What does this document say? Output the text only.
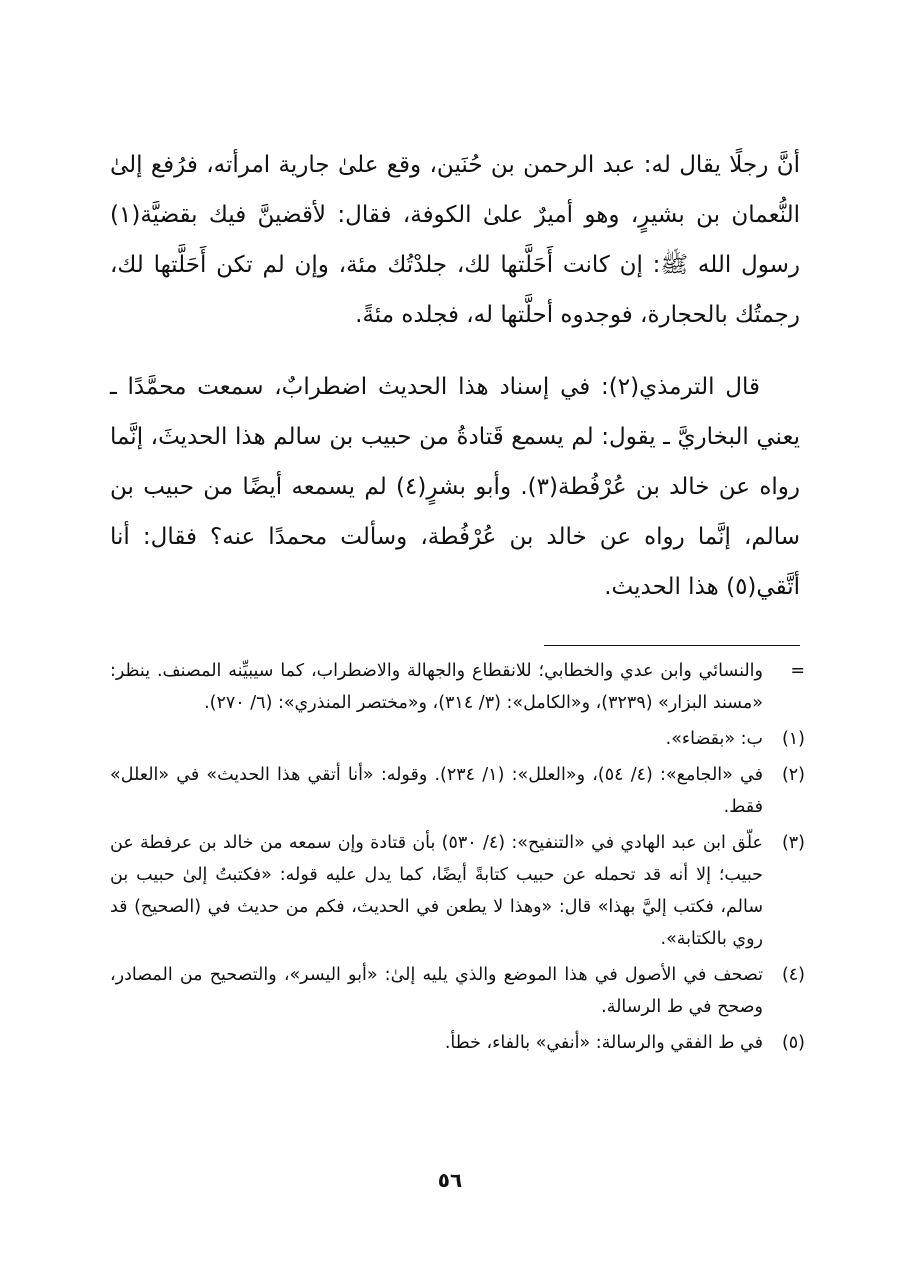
أنَّ رجلًا يقال له: عبد الرحمن بن حُنَين، وقع علىٰ جارية امرأته، فرُفع إلىٰ النُّعمان بن بشيرٍ، وهو أميرٌ علىٰ الكوفة، فقال: لأقضينَّ فيك بقضيَّة(١) رسول الله ﷺ: إن كانت أَحَلَّتها لك، جلدْتُك مئة، وإن لم تكن أَحَلَّتها لك، رجمتُك بالحجارة، فوجدوه أحلَّتها له، فجلده مئةً.

قال الترمذي(٢): في إسناد هذا الحديث اضطرابٌ، سمعت محمَّدًا ـ يعني البخاريَّ ـ يقول: لم يسمع قَتادةُ من حبيب بن سالم هذا الحديثَ، إنَّما رواه عن خالد بن عُرْفُطة(٣). وأبو بشرٍ(٤) لم يسمعه أيضًا من حبيب بن سالم، إنَّما رواه عن خالد بن عُرْفُطة، وسألت محمدًا عنه؟ فقال: أنا أتَّقي(٥) هذا الحديث.

=
والنسائي وابن عدي والخطابي؛ للانقطاع والجهالة والاضطراب، كما سيبيِّنه المصنف. ينظر: «مسند البزار» (٣٢٣٩)، و«الكامل»: (٣/ ٣١٤)، و«مختصر المنذري»: (٦/ ٢٧٠).
(١)
ب: «بقضاء».
(٢)
في «الجامع»: (٤/ ٥٤)، و«العلل»: (١/ ٢٣٤). وقوله: «أنا أتقي هذا الحديث» في «العلل» فقط.
(٣)
علّق ابن عبد الهادي في «التنفيح»: (٤/ ٥٣٠) بأن قتادة وإن سمعه من خالد بن عرفطة عن حبيب؛ إلا أنه قد تحمله عن حبيب كتابةً أيضًا، كما يدل عليه قوله: «فكتبتُ إلىٰ حبيب بن سالم، فكتب إليَّ بهذا» قال: «وهذا لا يطعن في الحديث، فكم من حديث في (الصحيح) قد روي بالكتابة».
(٤)
تصحف في الأصول في هذا الموضع والذي يليه إلىٰ: «أبو اليسر»، والتصحيح من المصادر، وصحح في ط الرسالة.
(٥)
في ط الفقي والرسالة: «أنفي» بالفاء، خطأ.
٥٦
